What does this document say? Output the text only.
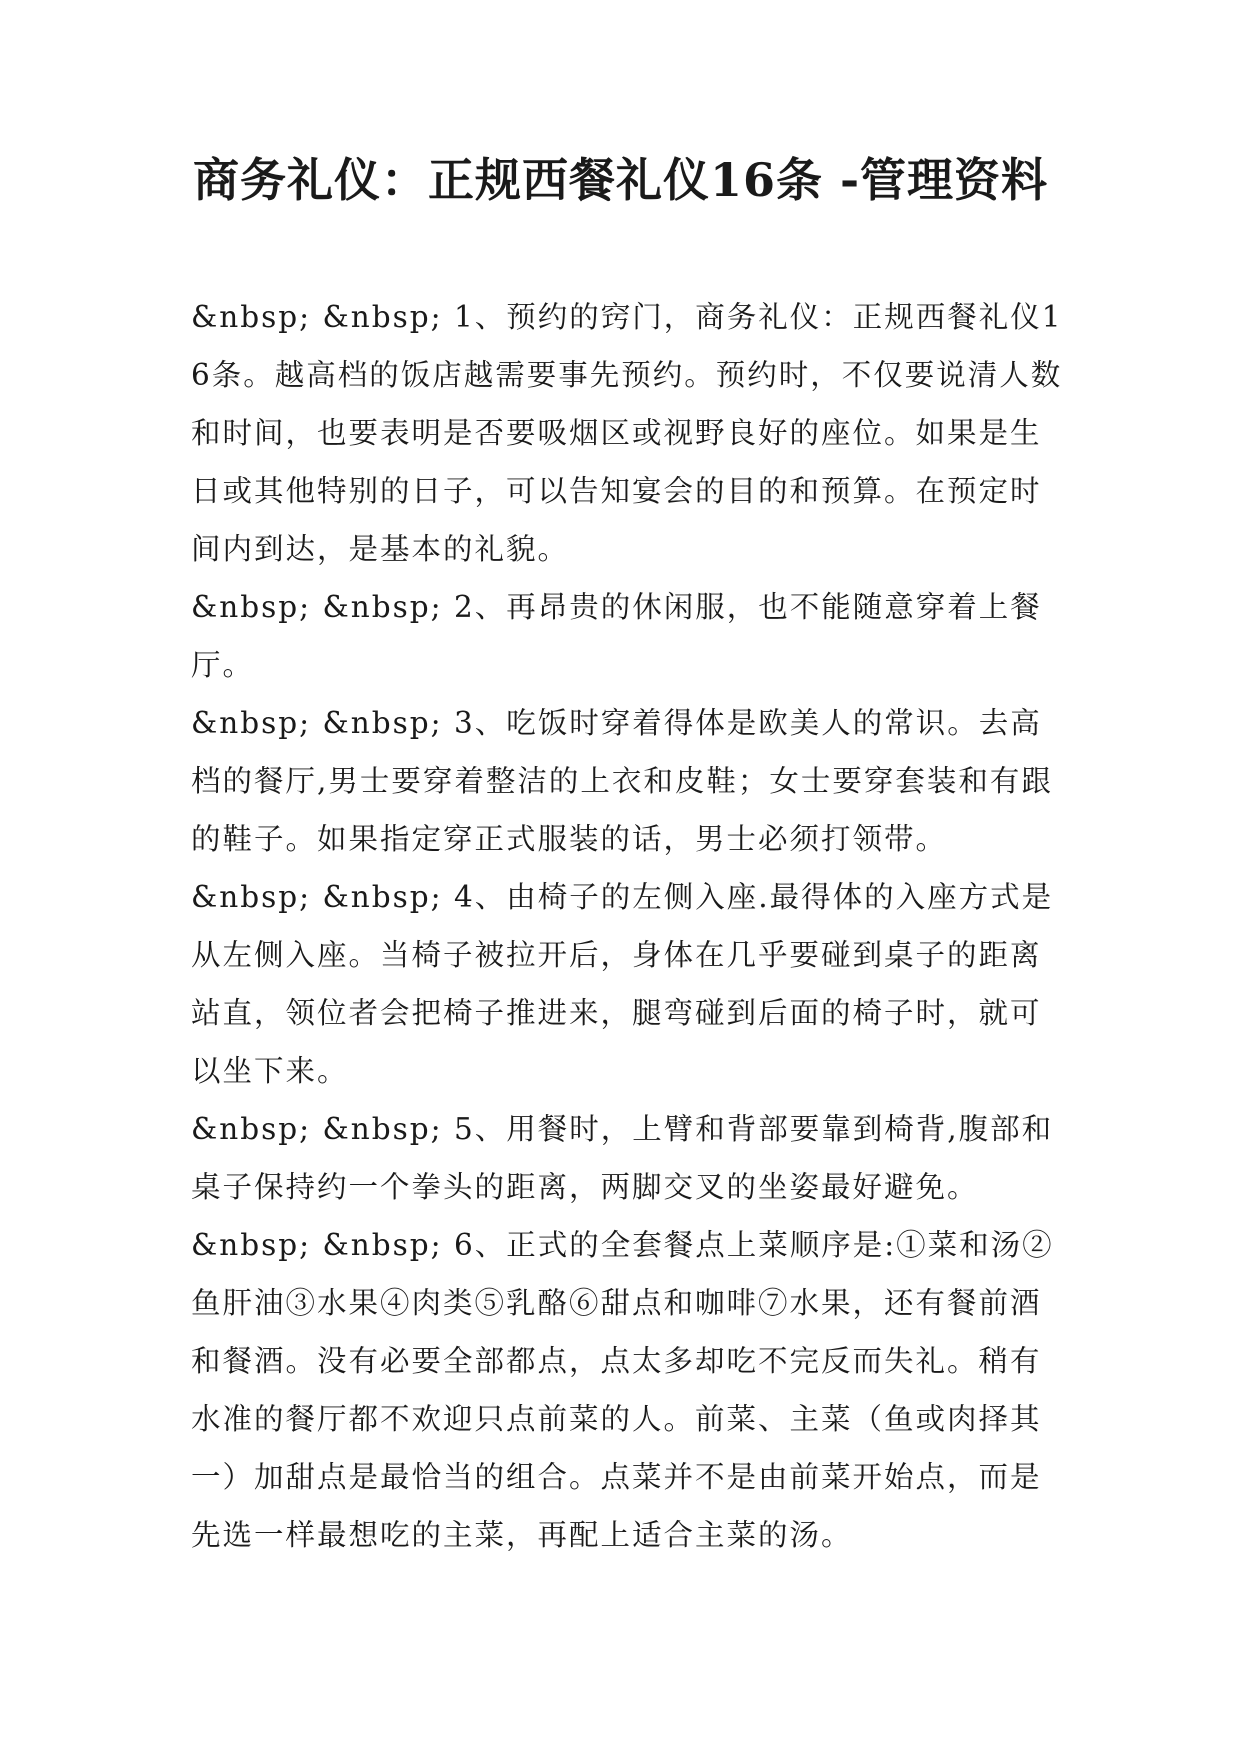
商务礼仪：正规西餐礼仪16条 -管理资料

&nbsp; &nbsp; 1、预约的窍门，商务礼仪：正规西餐礼仪16条。越高档的饭店越需要事先预约。预约时，不仅要说清人数和时间，也要表明是否要吸烟区或视野良好的座位。如果是生日或其他特别的日子，可以告知宴会的目的和预算。在预定时间内到达，是基本的礼貌。

&nbsp; &nbsp; 2、再昂贵的休闲服，也不能随意穿着上餐厅。

&nbsp; &nbsp; 3、吃饭时穿着得体是欧美人的常识。去高档的餐厅,男士要穿着整洁的上衣和皮鞋；女士要穿套装和有跟的鞋子。如果指定穿正式服装的话，男士必须打领带。

&nbsp; &nbsp; 4、由椅子的左侧入座.最得体的入座方式是从左侧入座。当椅子被拉开后，身体在几乎要碰到桌子的距离站直，领位者会把椅子推进来，腿弯碰到后面的椅子时，就可以坐下来。

&nbsp; &nbsp; 5、用餐时，上臂和背部要靠到椅背,腹部和桌子保持约一个拳头的距离，两脚交叉的坐姿最好避免。

&nbsp; &nbsp; 6、正式的全套餐点上菜顺序是:①菜和汤②鱼肝油③水果④肉类⑤乳酪⑥甜点和咖啡⑦水果，还有餐前酒和餐酒。没有必要全部都点，点太多却吃不完反而失礼。稍有水准的餐厅都不欢迎只点前菜的人。前菜、主菜（鱼或肉择其一）加甜点是最恰当的组合。点菜并不是由前菜开始点，而是先选一样最想吃的主菜，再配上适合主菜的汤。
